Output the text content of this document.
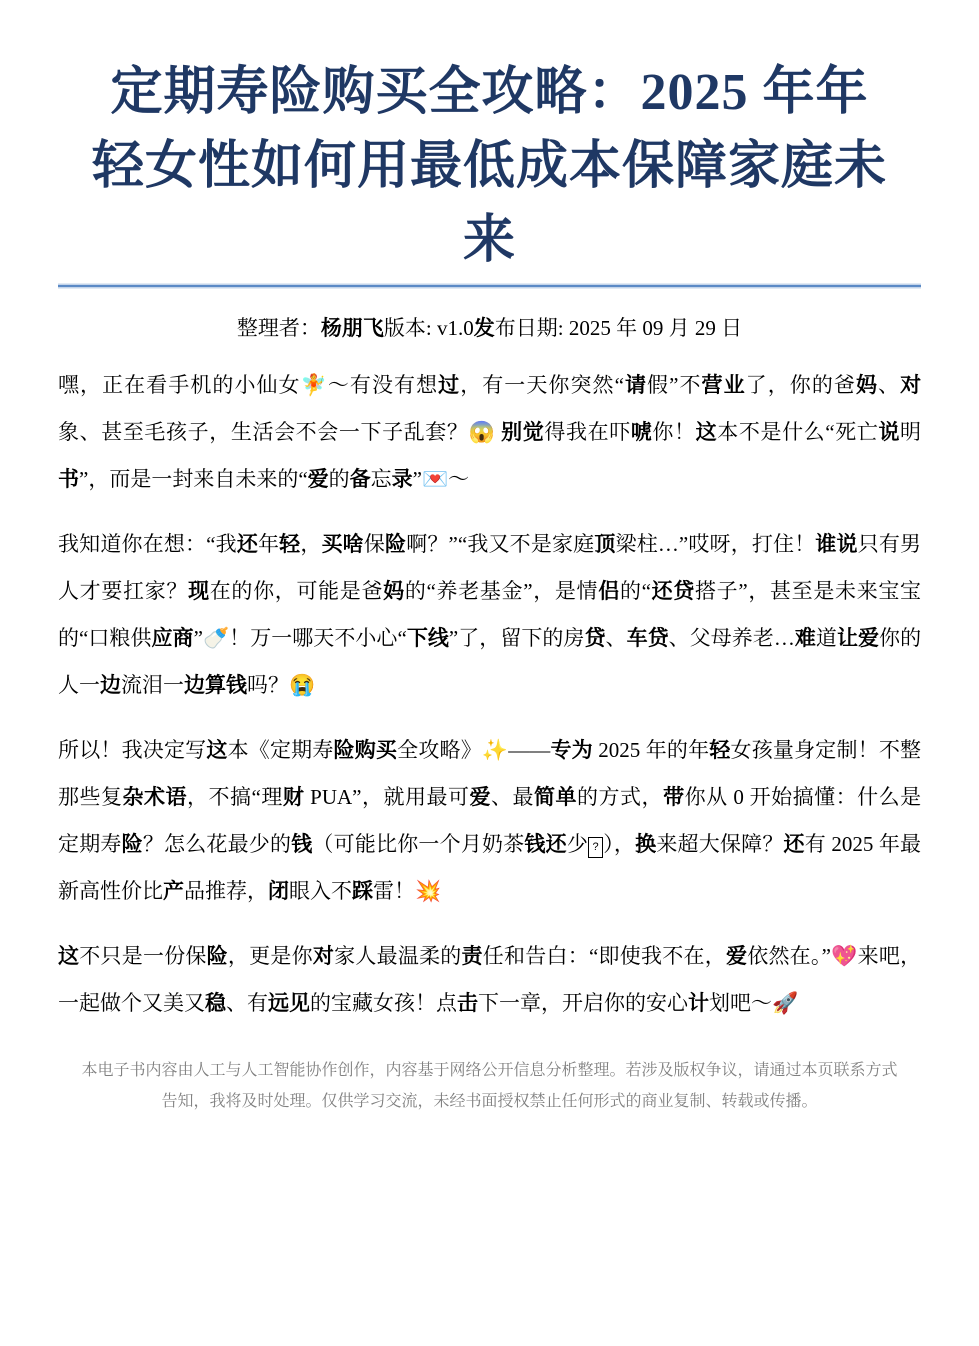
定期寿险购买全攻略：2025 年年
轻女性如何用最低成本保障家庭未
来

整理者：杨朋飞版本: v1.0发布日期: 2025 年 09 月 29 日

嘿，正在看手机的小仙女🧚～有没有想过，有一天你突然“请假”不营业了，你的爸妈、对象、甚至毛孩子，生活会不会一下子乱套？😱 别觉得我在吓唬你！这本不是什么“死亡说明书”，而是一封来自未来的“爱的备忘录”💌～

我知道你在想：“我还年轻，买啥保险啊？”“我又不是家庭顶梁柱…”哎呀，打住！谁说只有男人才要扛家？现在的你，可能是爸妈的“养老基金”，是情侣的“还贷搭子”，甚至是未来宝宝的“口粮供应商”🍼！万一哪天不小心“下线”了，留下的房贷、车贷、父母养老…难道让爱你的人一边流泪一边算钱吗？😭

所以！我决定写这本《定期寿险购买全攻略》✨——专为 2025 年的年轻女孩量身定制！不整那些复杂术语，不搞“理财 PUA”，就用最可爱、最简单的方式，带你从 0 开始搞懂：什么是定期寿险？怎么花最少的钱（可能比你一个月奶茶钱还少 ? ），换来超大保障？还有 2025 年最新高性价比产品推荐，闭眼入不踩雷！💥

这不只是一份保险，更是你对家人最温柔的责任和告白：“即使我不在，爱依然在。”💖来吧，一起做个又美又稳、有远见的宝藏女孩！点击下一章，开启你的安心计划吧～🚀

本电子书内容由人工与人工智能协作创作，内容基于网络公开信息分析整理。若涉及版权争议，请通过本页联系方式告知，我将及时处理。仅供学习交流，未经书面授权禁止任何形式的商业复制、转载或传播。
